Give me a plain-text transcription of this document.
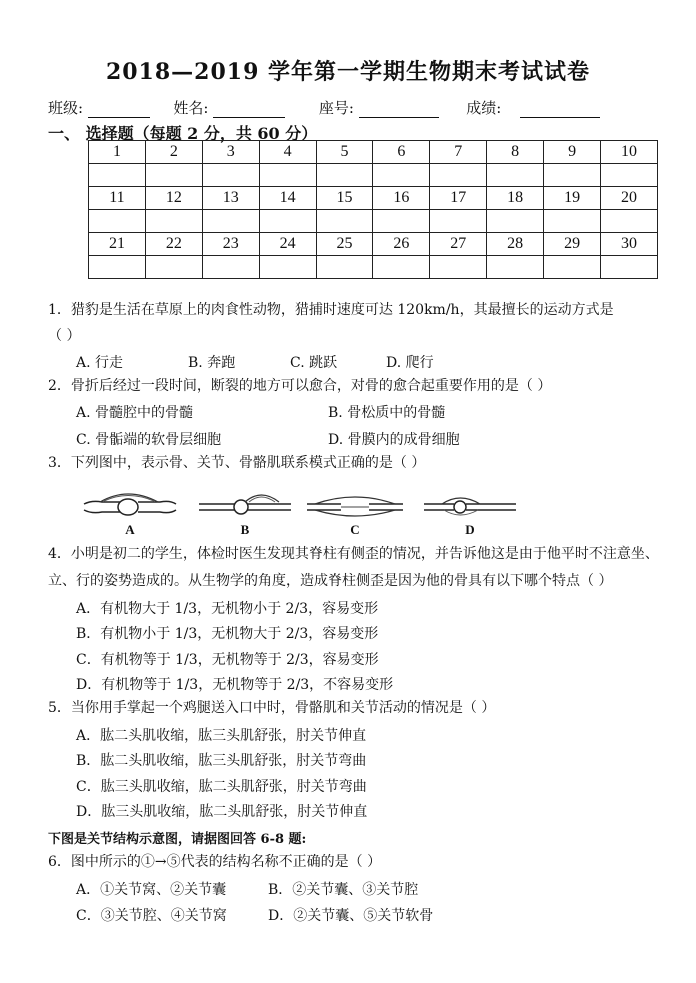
2018—2019 学年第一学期生物期末考试试卷
班级:	姓名:	座号:	成绩:
一、 选择题（每题 2 分，共 60 分）
1	2	3	4	5	6	7	8	9	10

11	12	13	14	15	16	17	18	19	20

21	22	23	24	25	26	27	28	29	30

1．猎豹是生活在草原上的肉食性动物，猎捕时速度可达 120km/h，其最擅长的运动方式是
（ ）
A. 行走	B. 奔跑	C. 跳跃	D. 爬行
2．骨折后经过一段时间，断裂的地方可以愈合，对骨的愈合起重要作用的是（ ）
A. 骨髓腔中的骨髓	B. 骨松质中的骨髓
C. 骨骺端的软骨层细胞	D. 骨膜内的成骨细胞
3．下列图中，表示骨、关节、骨骼肌联系模式正确的是（ ）
A	B	C	D
4．小明是初二的学生，体检时医生发现其脊柱有侧歪的情况，并告诉他这是由于他平时不注意坐、
立、行的姿势造成的。从生物学的角度，造成脊柱侧歪是因为他的骨具有以下哪个特点（ ）
A．有机物大于 1/3，无机物小于 2/3，容易变形
B．有机物小于 1/3，无机物大于 2/3，容易变形
C．有机物等于 1/3，无机物等于 2/3，容易变形
D．有机物等于 1/3，无机物等于 2/3，不容易变形
5．当你用手掌起一个鸡腿送入口中时，骨骼肌和关节活动的情况是（ ）
A．肱二头肌收缩，肱三头肌舒张，肘关节伸直
B．肱二头肌收缩，肱三头肌舒张，肘关节弯曲
C．肱三头肌收缩，肱二头肌舒张，肘关节弯曲
D．肱三头肌收缩，肱二头肌舒张，肘关节伸直
下图是关节结构示意图，请据图回答 6-8 题:
6．图中所示的①→⑤代表的结构名称不正确的是（ ）
A．①关节窝、②关节囊	B．②关节囊、③关节腔
C．③关节腔、④关节窝	D．②关节囊、⑤关节软骨
